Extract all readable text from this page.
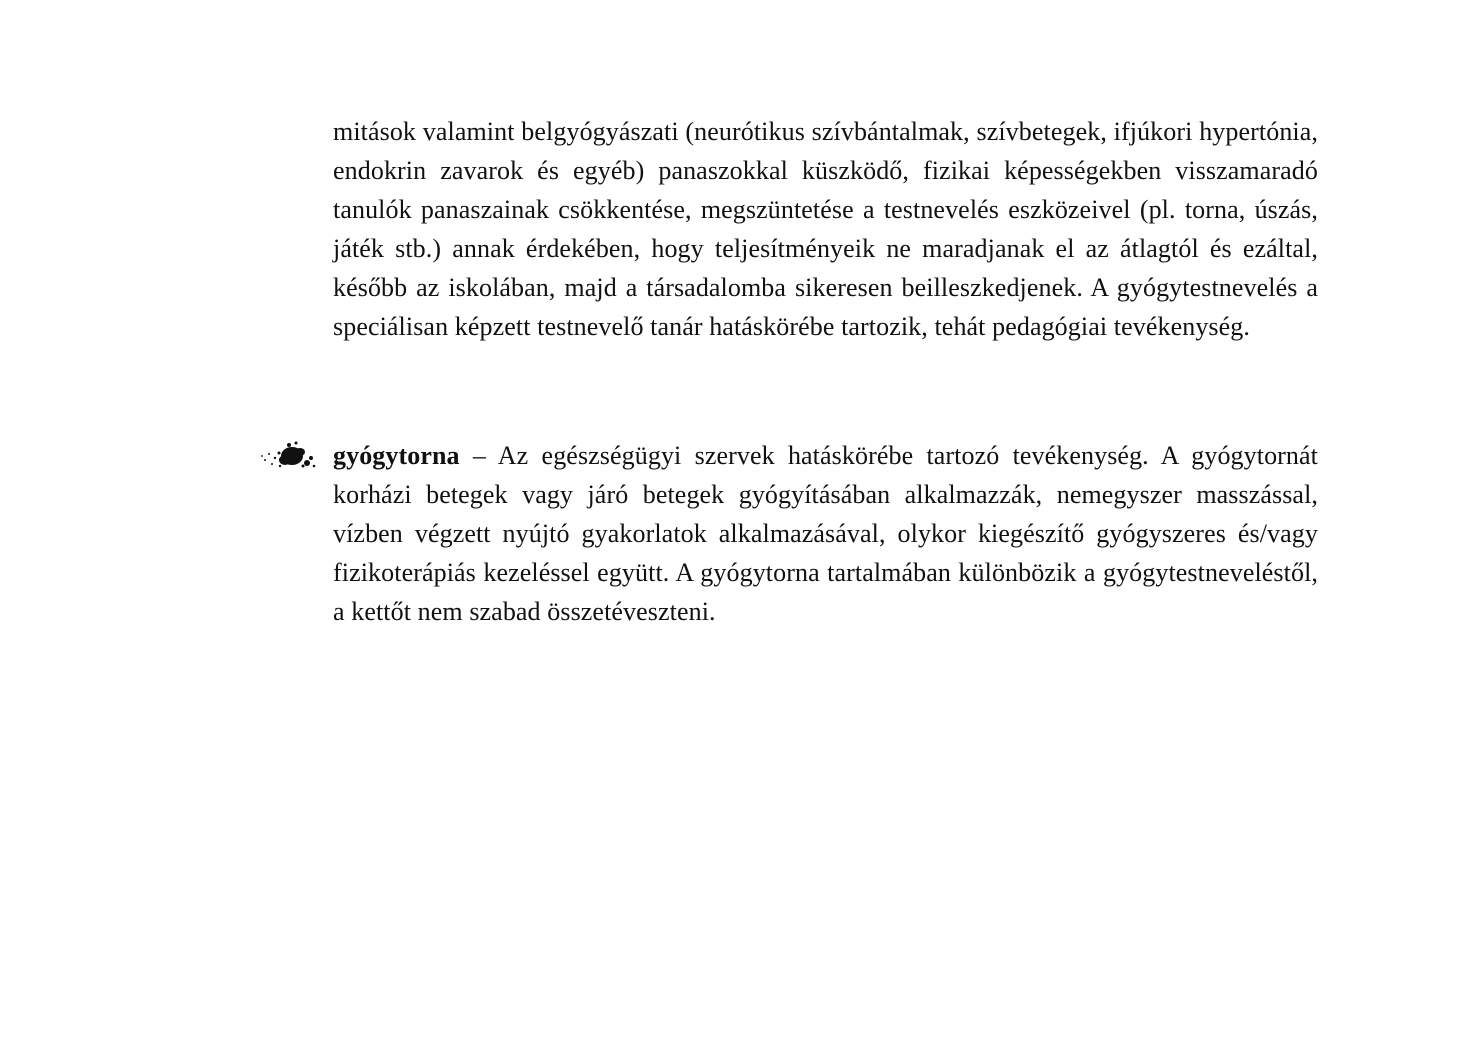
mitások valamint belgyógyászati (neurótikus szívbántalmak, szívbetegek, ifjúkori hypertónia, endokrin zavarok és egyéb) panaszokkal küszködő, fizikai képességekben visszamaradó tanulók panaszainak csökkentése, megszüntetése a testnevelés eszközeivel (pl. torna, úszás, játék stb.) annak érdekében, hogy teljesítményeik ne maradjanak el az átlagtól és ezáltal, később az iskolában, majd a társadalomba sikeresen beilleszkedjenek. A gyógytestnevelés a speciálisan képzett testnevelő tanár hatáskörébe tartozik, tehát pedagógiai tevékenység.

gyógytorna – Az egészségügyi szervek hatáskörébe tartozó tevékenység. A gyógytornát korházi betegek vagy járó betegek gyógyításában alkalmazzák, nemegyszer masszással, vízben végzett nyújtó gyakorlatok alkalmazásával, olykor kiegészítő gyógyszeres és/vagy fizikoterápiás kezeléssel együtt. A gyógytorna tartalmában különbözik a gyógytestneveléstől, a kettőt nem szabad összetéveszteni.
